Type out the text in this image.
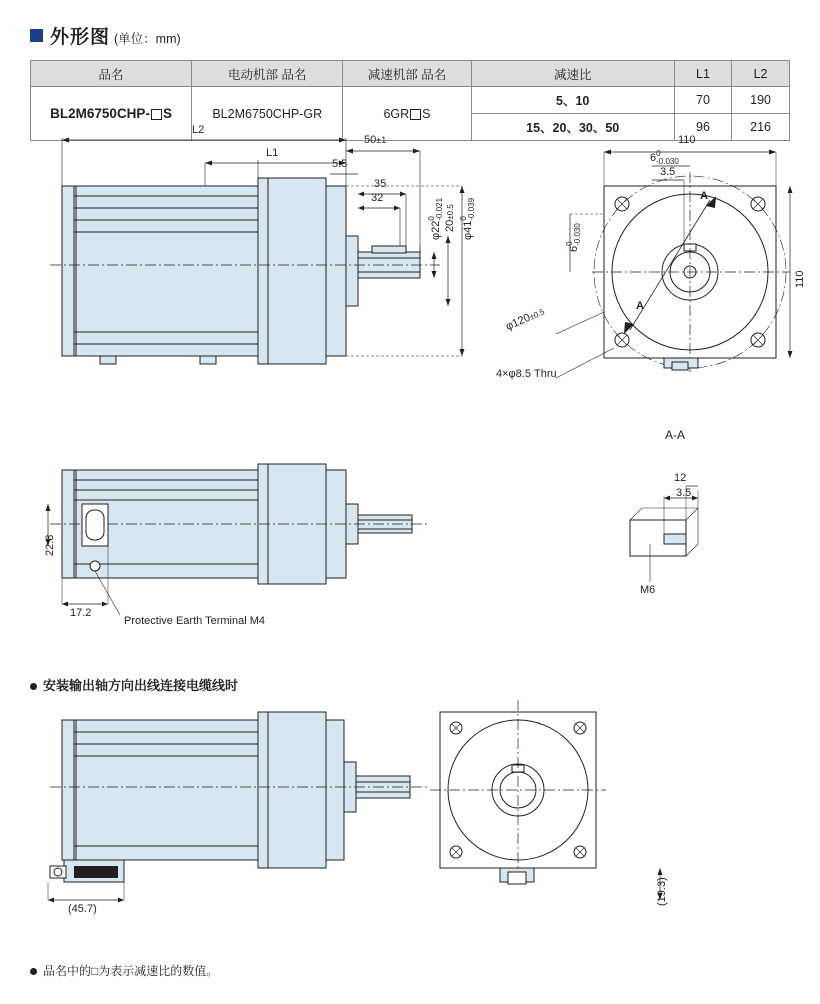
外形图 (单位：mm)
品名	电动机部 品名	减速机部 品名	减速比	L1	L2
BL2M6750CHP- S	BL2M6750CHP-GR	6GR S	5、10	70	190
			15、20、30、50	96	216
L2
L1
50±1
5.5
35
32
φ22
0 -0.021
20±0.5
φ41
0 -0.039
110
6 0
-0.030
3.5
6
0 -0.030
110
φ120±0.5
4×φ8.5 Thru
A
A
A-A
12
3.5
M6
22.8
17.2
Protective Earth Terminal M4
安装输出轴方向出线连接电缆线时
(45.7)
(19.3)
品名中的□为表示减速比的数值。
